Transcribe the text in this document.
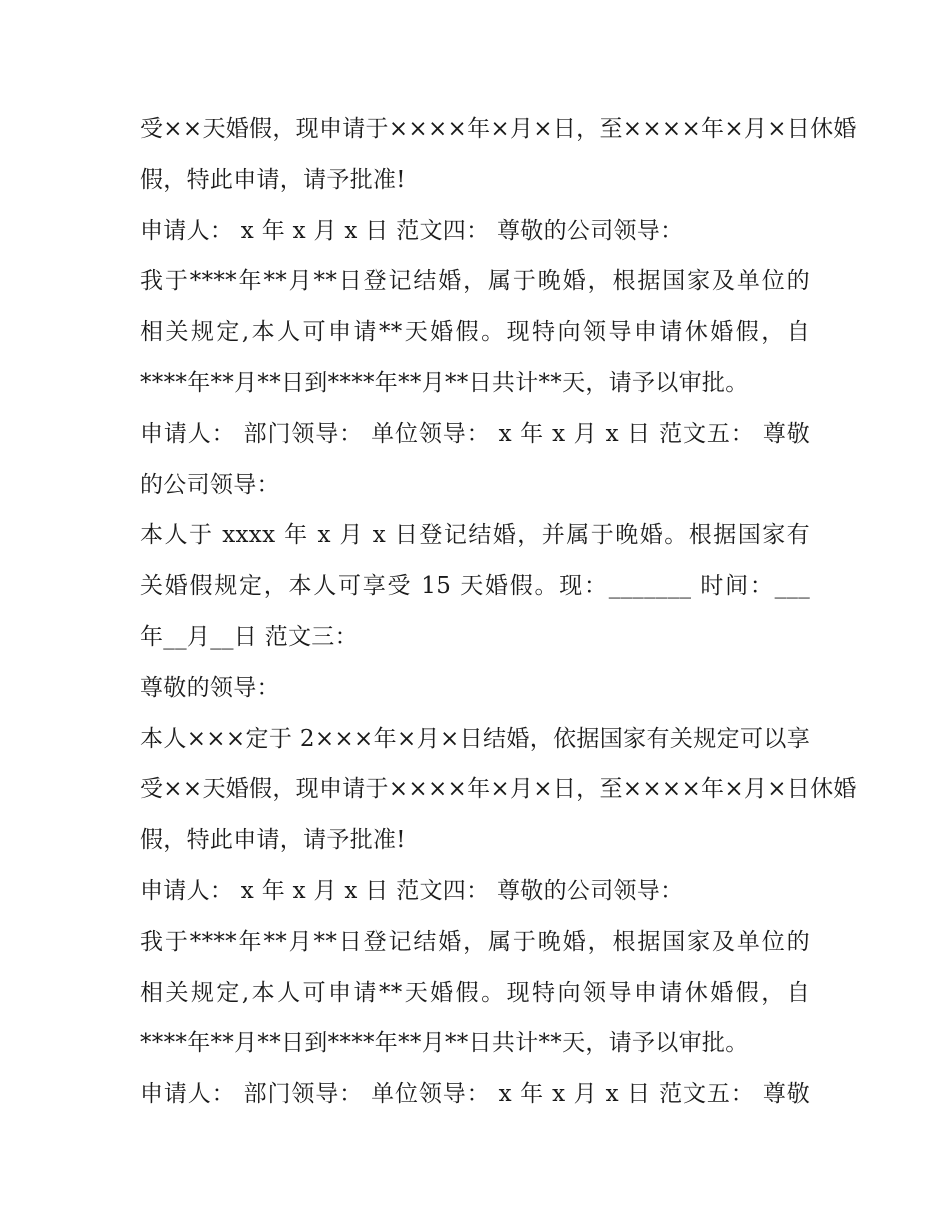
受××天婚假，现申请于××××年×月×日，至××××年×月×日休婚
假，特此申请，请予批准!
申请人： x 年 x 月 x 日 范文四： 尊敬的公司领导：
我于****年**月**日登记结婚，属于晚婚，根据国家及单位的
相关规定,本人可申请**天婚假。现特向领导申请休婚假，自
****年**月**日到****年**月**日共计**天，请予以审批。
申请人： 部门领导： 单位领导： x 年 x 月 x 日 范文五： 尊敬
的公司领导：
本人于 xxxx 年 x 月 x 日登记结婚，并属于晚婚。根据国家有
关婚假规定，本人可享受 15 天婚假。现：_______ 时间：___
年__月__日 范文三：
尊敬的领导：
本人×××定于 2×××年×月×日结婚，依据国家有关规定可以享
受××天婚假，现申请于××××年×月×日，至××××年×月×日休婚
假，特此申请，请予批准!
申请人： x 年 x 月 x 日 范文四： 尊敬的公司领导：
我于****年**月**日登记结婚，属于晚婚，根据国家及单位的
相关规定,本人可申请**天婚假。现特向领导申请休婚假，自
****年**月**日到****年**月**日共计**天，请予以审批。
申请人： 部门领导： 单位领导： x 年 x 月 x 日 范文五： 尊敬
